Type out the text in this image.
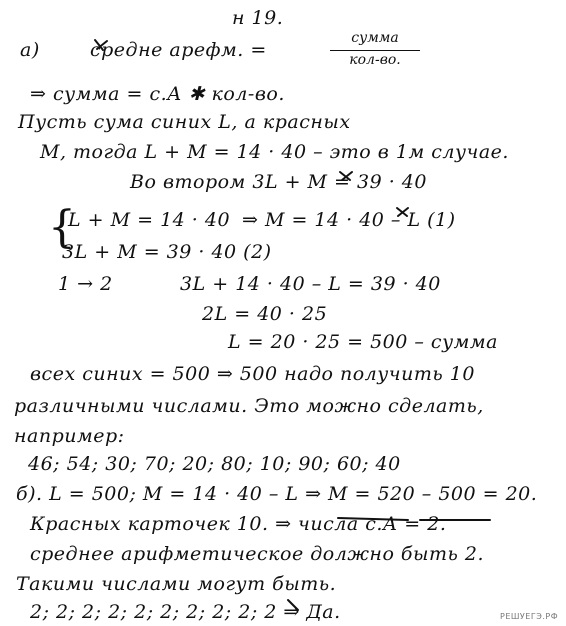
н 19.
а)	средне арефм. =
сумма
кол-во.
⇒ сумма = с.А ✱ кол-во.
Пусть сума синих L, а красных
М, тогда L + M = 14 · 40 – это в 1м случае.
Во втором 3L + M = 39 · 40
{
L + M = 14 · 40 ⇒ M = 14 · 40 – L (1)
3L + M = 39 · 40 (2)
1 → 2	3L + 14 · 40 – L = 39 · 40
2L = 40 · 25
L = 20 · 25 = 500 – сумма
всех синих = 500 ⇒ 500 надо получить 10
различными числами. Это можно сделать,
например:
46; 54; 30; 70; 20; 80; 10; 90; 60; 40
б). L = 500; M = 14 · 40 – L ⇒ M = 520 – 500 = 20.
Красных карточек 10. ⇒ числа с.А = 2.
среднее арифметическое должно быть 2.
Такими числами могут быть.
2; 2; 2; 2; 2; 2; 2; 2; 2; 2 ⇒ Да.	РЕШУЕГЭ.РФ
